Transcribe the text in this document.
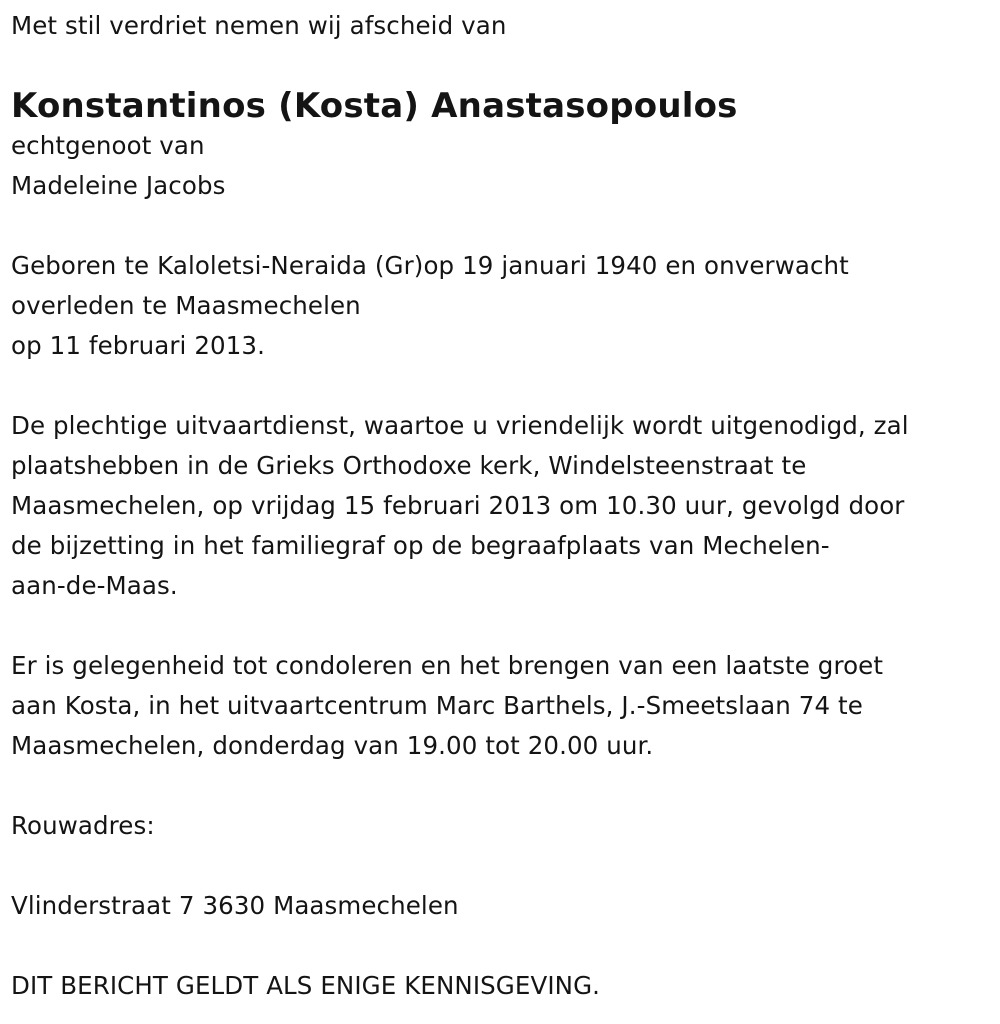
Met stil verdriet nemen wij afscheid van
Konstantinos (Kosta) Anastasopoulos
echtgenoot van
Madeleine Jacobs
Geboren te Kaloletsi-Neraida (Gr)op 19 januari 1940 en onverwacht
overleden te Maasmechelen
op 11 februari 2013.
De plechtige uitvaartdienst, waartoe u vriendelijk wordt uitgenodigd, zal
plaatshebben in de Grieks Orthodoxe kerk, Windelsteenstraat te
Maasmechelen, op vrijdag 15 februari 2013 om 10.30 uur, gevolgd door
de bijzetting in het familiegraf op de begraafplaats van Mechelen-
aan-de-Maas.
Er is gelegenheid tot condoleren en het brengen van een laatste groet
aan Kosta, in het uitvaartcentrum Marc Barthels, J.-Smeetslaan 74 te
Maasmechelen, donderdag van 19.00 tot 20.00 uur.
Rouwadres:
Vlinderstraat 7 3630 Maasmechelen
DIT BERICHT GELDT ALS ENIGE KENNISGEVING.
